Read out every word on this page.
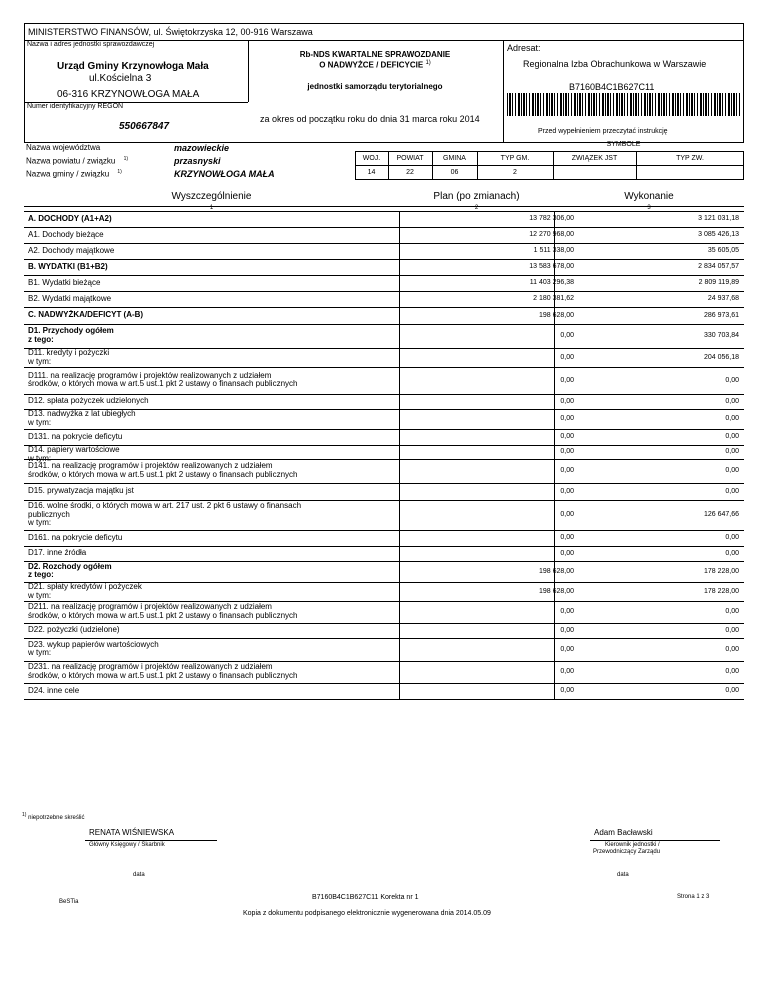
MINISTERSTWO FINANSÓW, ul. Świętokrzyska 12, 00-916 Warszawa
Nazwa i adres jednostki sprawozdawczej
Urząd Gminy Krzynowłoga Mała
ul.Kościelna 3
06-316 KRZYNOWŁOGA MAŁA
Rb-NDS KWARTALNE SPRAWOZDANIE
O NADWYŻCE / DEFICYCIE $^{1)}$
jednostki samorządu terytorialnego
Adresat:
Regionalna Izba Obrachunkowa w Warszawie
B7160B4C1B627C11
Numer identyfikacyjny REGON
550667847
za okres od początku roku do dnia 31 marca roku 2014
Przed wypełnieniem przeczytać instrukcję
Nazwa województwa	mazowieckie
Nazwa powiatu / związku $^{1)}$	przasnyski
Nazwa gminy / związku $^{1)}$	KRZYNOWŁOGA MAŁA
SYMBOLE
WOJ.	POWIAT	GMINA	TYP GM.	ZWIĄZEK JST	TYP ZW.
14	22	06	2
Wyszczególnienie	Plan (po zmianach)	Wykonanie
1	2	3
A. DOCHODY (A1+A2)	13 782 306,00	3 121 031,18
A1. Dochody bieżące	12 270 968,00	3 085 426,13
A2. Dochody majątkowe	1 511 338,00	35 605,05
B. WYDATKI (B1+B2)	13 583 678,00	2 834 057,57
B1. Wydatki bieżące	11 403 296,38	2 809 119,89
B2. Wydatki majątkowe	2 180 381,62	24 937,68
C. NADWYŻKA/DEFICYT (A-B)	198 628,00	286 973,61
D1. Przychody ogółem
z tego:	0,00	330 703,84
D11. kredyty i pożyczki
w tym:	0,00	204 056,18
D111. na realizację programów i projektów realizowanych z udziałem
środków, o których mowa w art.5 ust.1 pkt 2 ustawy o finansach publicznych	0,00	0,00
D12. spłata pożyczek udzielonych	0,00	0,00
D13. nadwyżka z lat ubiegłych
w tym:	0,00	0,00
D131. na pokrycie deficytu	0,00	0,00
D14. papiery wartościowe
w tym:
0,00	0,00
D141. na realizację programów i projektów realizowanych z udziałem
środków, o których mowa w art.5 ust.1 pkt 2 ustawy o finansach publicznych	0,00	0,00
D15. prywatyzacja majątku jst	0,00	0,00
D16. wolne środki, o których mowa w art. 217 ust. 2 pkt 6 ustawy o finansach
publicznych
w tym:
0,00	126 647,66
D161. na pokrycie deficytu	0,00	0,00
D17. inne źródła	0,00	0,00
D2. Rozchody ogółem
z tego:	198 628,00	178 228,00
D21. spłaty kredytów i pożyczek
w tym:	198 628,00	178 228,00
D211. na realizację programów i projektów realizowanych z udziałem
środków, o których mowa w art.5 ust.1 pkt 2 ustawy o finansach publicznych	0,00	0,00
D22. pożyczki (udzielone)	0,00	0,00
D23. wykup papierów wartościowych
w tym:	0,00	0,00
D231. na realizację programów i projektów realizowanych z udziałem
środków, o których mowa w art.5 ust.1 pkt 2 ustawy o finansach publicznych	0,00	0,00
D24. inne cele	0,00	0,00
$^{1)}$ niepotrzebne skreślić
RENATA WIŚNIEWSKA
Główny Księgowy / Skarbnik
Adam Bacławski
Kierownik jednostki /
Przewodniczący Zarządu
data	data
BeSTia
B7160B4C1B627C11 Korekta nr 1	Strona 1 z 3
Kopia z dokumentu podpisanego elektronicznie wygenerowana dnia 2014.05.09
